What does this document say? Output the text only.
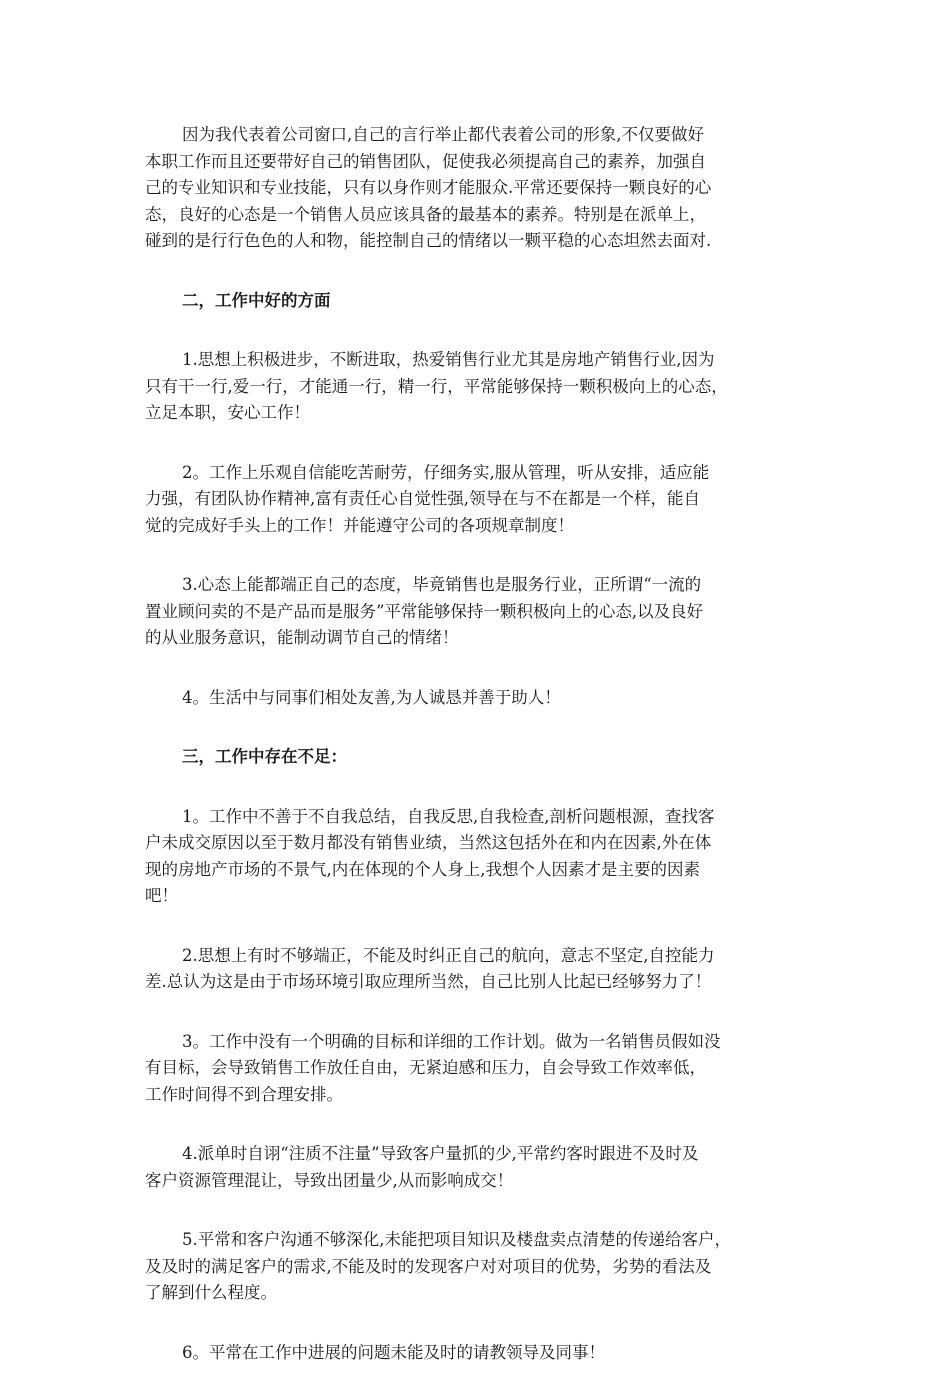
因为我代表着公司窗口,自己的言行举止都代表着公司的形象,不仅要做好
本职工作而且还要带好自己的销售团队，促使我必须提高自己的素养，加强自
己的专业知识和专业技能，只有以身作则才能服众.平常还要保持一颗良好的心
态，良好的心态是一个销售人员应该具备的最基本的素养。特别是在派单上，
碰到的是行行色色的人和物，能控制自己的情绪以一颗平稳的心态坦然去面对.

二，工作中好的方面

1.思想上积极进步，不断进取，热爱销售行业尤其是房地产销售行业,因为
只有干一行,爱一行，才能通一行，精一行，平常能够保持一颗积极向上的心态，
立足本职，安心工作！

2。工作上乐观自信能吃苦耐劳，仔细务实,服从管理，听从安排，适应能
力强，有团队协作精神,富有责任心自觉性强,领导在与不在都是一个样，能自
觉的完成好手头上的工作！并能遵守公司的各项规章制度！

3.心态上能都端正自己的态度，毕竟销售也是服务行业，正所谓“一流的
置业顾问卖的不是产品而是服务”平常能够保持一颗积极向上的心态,以及良好
的从业服务意识，能制动调节自己的情绪！

4。生活中与同事们相处友善,为人诚恳并善于助人！

三，工作中存在不足：

1。工作中不善于不自我总结，自我反思,自我检查,剖析问题根源，查找客
户未成交原因以至于数月都没有销售业绩，当然这包括外在和内在因素,外在体
现的房地产市场的不景气,内在体现的个人身上,我想个人因素才是主要的因素
吧！

2.思想上有时不够端正，不能及时纠正自己的航向，意志不坚定,自控能力
差.总认为这是由于市场环境引取应理所当然，自己比别人比起已经够努力了！

3。工作中没有一个明确的目标和详细的工作计划。做为一名销售员假如没
有目标，会导致销售工作放任自由，无紧迫感和压力，自会导致工作效率低，
工作时间得不到合理安排。

4.派单时自诩“注质不注量”导致客户量抓的少,平常约客时跟进不及时及
客户资源管理混让，导致出团量少,从而影响成交！

5.平常和客户沟通不够深化,未能把项目知识及楼盘卖点清楚的传递给客户，
及及时的满足客户的需求,不能及时的发现客户对对项目的优势，劣势的看法及
了解到什么程度。

6。平常在工作中进展的问题未能及时的请教领导及同事！
